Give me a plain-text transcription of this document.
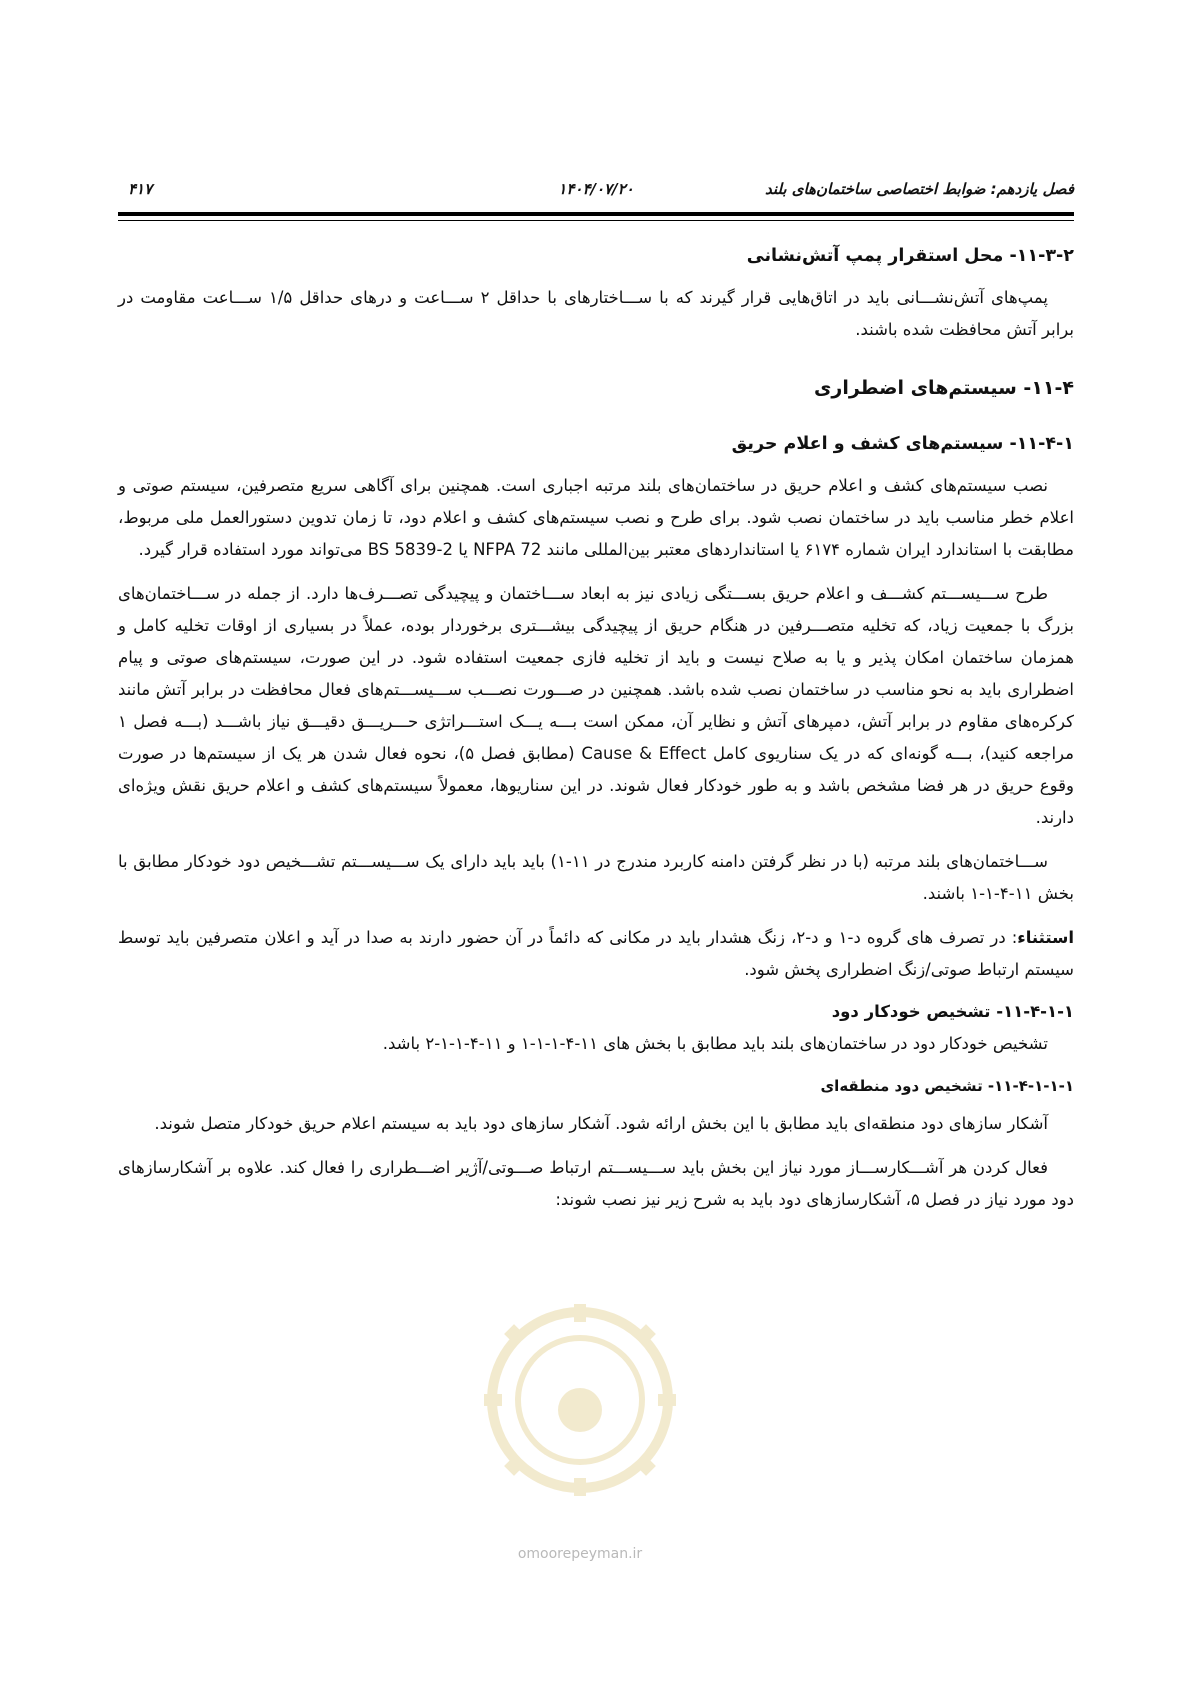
فصل یازدهم: ضوابط اختصاصی ساختمان‌های بلند
۱۴۰۴/۰۷/۲۰
۴۱۷

۱۱-۳-۲- محل استقرار پمپ آتش‌نشانی

پمپ‌های آتش‌نشـــانی باید در اتاق‌هایی قرار گیرند که با ســـاختارهای با حداقل ۲ ســـاعت و درهای حداقل ۱/۵ ســـاعت مقاومت در برابر آتش محافظت شده باشند.

۱۱-۴- سیستم‌های اضطراری

۱۱-۴-۱- سیستم‌های کشف و اعلام حریق

نصب سیستم‌های کشف و اعلام حریق در ساختمان‌های بلند مرتبه اجباری است. همچنین برای آگاهی سریع متصرفین، سیستم صوتی و اعلام خطر مناسب باید در ساختمان نصب شود. برای طرح و نصب سیستم‌های کشف و اعلام دود، تا زمان تدوین دستورالعمل ملی مربوط، مطابقت با استاندارد ایران شماره ۶۱۷۴ یا استانداردهای معتبر بین‌المللی مانند NFPA 72 یا BS 5839-2 می‌تواند مورد استفاده قرار گیرد.

طرح ســـیســـتم کشـــف و اعلام حریق بســـتگی زیادی نیز به ابعاد ســـاختمان و پیچیدگی تصـــرف‌ها دارد. از جمله در ســـاختمان‌های بزرگ با جمعیت زیاد، که تخلیه متصـــرفین در هنگام حریق از پیچیدگی بیشـــتری برخوردار بوده، عملاً در بسیاری از اوقات تخلیه کامل و همزمان ساختمان امکان پذیر و یا به صلاح نیست و باید از تخلیه فازی جمعیت استفاده شود. در این صورت، سیستم‌های صوتی و پیام اضطراری باید به نحو مناسب در ساختمان نصب شده باشد. همچنین در صـــورت نصـــب ســـیســـتم‌های فعال محافظت در برابر آتش مانند کرکره‌های مقاوم در برابر آتش، دمپرهای آتش و نظایر آن، ممکن است بـــه یـــک استـــراتژی حـــریـــق دقیـــق نیاز باشـــد (بـــه فصل ۱ مراجعه کنید)، بـــه گونه‌ای که در یک سناریوی کامل Cause & Effect (مطابق فصل ۵)، نحوه فعال شدن هر یک از سیستم‌ها در صورت وقوع حریق در هر فضا مشخص باشد و به طور خودکار فعال شوند. در این سناریوها، معمولاً سیستم‌های کشف و اعلام حریق نقش ویژه‌ای دارند.

ســـاختمان‌های بلند مرتبه (با در نظر گرفتن دامنه کاربرد مندرج در ۱۱-۱) باید باید دارای یک ســـیســـتم تشـــخیص دود خودکار مطابق با بخش ۱۱-۴-۱-۱ باشند.

استثناء: در تصرف های گروه د-۱ و د-۲، زنگ هشدار باید در مکانی که دائماً در آن حضور دارند به صدا در آید و اعلان متصرفین باید توسط سیستم ارتباط صوتی/زنگ اضطراری پخش شود.

۱۱-۴-۱-۱- تشخیص خودکار دود

تشخیص خودکار دود در ساختمان‌های بلند باید مطابق با بخش های ۱۱-۴-۱-۱-۱ و ۱۱-۴-۱-۱-۲ باشد.

۱۱-۴-۱-۱-۱- تشخیص دود منطقه‌ای

آشکار سازهای دود منطقه‌ای باید مطابق با این بخش ارائه شود. آشکار سازهای دود باید به سیستم اعلام حریق خودکار متصل شوند.

فعال کردن هر آشـــکارســـاز مورد نیاز این بخش باید ســـیســـتم ارتباط صـــوتی/آژیر اضـــطراری را فعال کند. علاوه بر آشکارسازهای دود مورد نیاز در فصل ۵، آشکارسازهای دود باید به شرح زیر نیز نصب شوند:

omoorepeyman.ir
